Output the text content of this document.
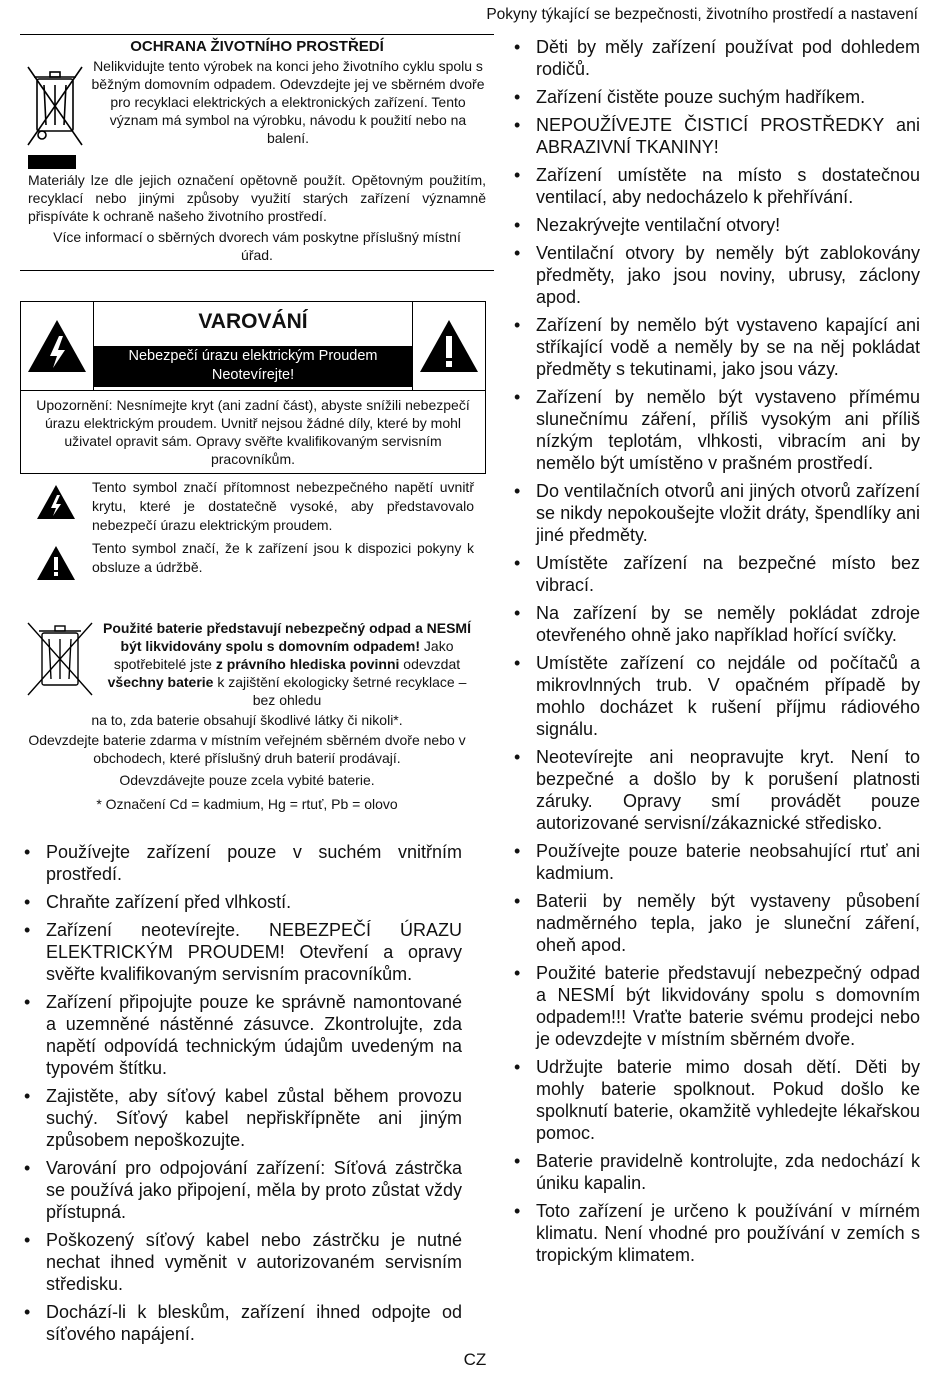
Pokyny týkající se bezpečnosti, životního prostředí a nastavení
OCHRANA ŽIVOTNÍHO PROSTŘEDÍ
Nelikvidujte tento výrobek na konci jeho životního cyklu spolu s běžným domovním odpadem. Odevzdejte jej ve sběrném dvoře pro recyklaci elektrických a elektronických zařízení. Tento význam má symbol na výrobku, návodu k použití nebo na balení.
Materiály lze dle jejich označení opětovně použít. Opětovným použitím, recyklací nebo jinými způsoby využití starých zařízení významně přispíváte k ochraně našeho životního prostředí.
Více informací o sběrných dvorech vám poskytne příslušný místní úřad.
VAROVÁNÍ
Nebezpečí úrazu elektrickým Proudem Neotevírejte!
Upozornění: Nesnímejte kryt (ani zadní část), abyste snížili nebezpečí úrazu elektrickým proudem. Uvnitř nejsou žádné díly, které by mohl uživatel opravit sám. Opravy svěřte kvalifikovaným servisním pracovníkům.
Tento symbol značí přítomnost nebezpečného napětí uvnitř krytu, které je dostatečně vysoké, aby představovalo nebezpečí úrazu elektrickým proudem.
Tento symbol značí, že k zařízení jsou k dispozici pokyny k obsluze a údržbě.
Použité baterie představují nebezpečný odpad a NESMÍ být likvidovány spolu s domovním odpadem! Jako spotřebitelé jste z právního hlediska povinni odevzdat všechny baterie k zajištění ekologicky šetrné recyklace – bez ohledu
na to, zda baterie obsahují škodlivé látky či nikoli*.
Odevzdejte baterie zdarma v místním veřejném sběrném dvoře nebo v obchodech, které příslušný druh baterií prodávají.
Odevzdávejte pouze zcela vybité baterie.
* Označení Cd = kadmium, Hg = rtuť, Pb = olovo
• Používejte zařízení pouze v suchém vnitřním prostředí.
• Chraňte zařízení před vlhkostí.
• Zařízení neotevírejte. NEBEZPEČÍ ÚRAZU ELEKTRICKÝM PROUDEM! Otevření a opravy svěřte kvalifikovaným servisním pracovníkům.
• Zařízení připojujte pouze ke správně namontované a uzemněné nástěnné zásuvce. Zkontrolujte, zda napětí odpovídá technickým údajům uvedeným na typovém štítku.
• Zajistěte, aby síťový kabel zůstal během provozu suchý. Síťový kabel nepřiskřípněte ani jiným způsobem nepoškozujte.
• Varování pro odpojování zařízení: Síťová zástrčka se používá jako připojení, měla by proto zůstat vždy přístupná.
• Poškozený síťový kabel nebo zástrčku je nutné nechat ihned vyměnit v autorizovaném servisním středisku.
• Dochází-li k bleskům, zařízení ihned odpojte od síťového napájení.
• Děti by měly zařízení používat pod dohledem rodičů.
• Zařízení čistěte pouze suchým hadříkem.
• NEPOUŽÍVEJTE ČISTICÍ PROSTŘEDKY ani ABRAZIVNÍ TKANINY!
• Zařízení umístěte na místo s dostatečnou ventilací, aby nedocházelo k přehřívání.
• Nezakrývejte ventilační otvory!
• Ventilační otvory by neměly být zablokovány předměty, jako jsou noviny, ubrusy, záclony apod.
• Zařízení by nemělo být vystaveno kapající ani stříkající vodě a neměly by se na něj pokládat předměty s tekutinami, jako jsou vázy.
• Zařízení by nemělo být vystaveno přímému slunečnímu záření, příliš vysokým ani příliš nízkým teplotám, vlhkosti, vibracím ani by nemělo být umístěno v prašném prostředí.
• Do ventilačních otvorů ani jiných otvorů zařízení se nikdy nepokoušejte vložit dráty, špendlíky ani jiné předměty.
• Umístěte zařízení na bezpečné místo bez vibrací.
• Na zařízení by se neměly pokládat zdroje otevřeného ohně jako například hořící svíčky.
• Umístěte zařízení co nejdále od počítačů a mikrovlnných trub. V opačném případě by mohlo docházet k rušení příjmu rádiového signálu.
• Neotevírejte ani neopravujte kryt. Není to bezpečné a došlo by k porušení platnosti záruky. Opravy smí provádět pouze autorizované servisní/zákaznické středisko.
• Používejte pouze baterie neobsahující rtuť ani kadmium.
• Baterii by neměly být vystaveny působení nadměrného tepla, jako je sluneční záření, oheň apod.
• Použité baterie představují nebezpečný odpad a NESMÍ být likvidovány spolu s domovním odpadem!!! Vraťte baterie svému prodejci nebo je odevzdejte v místním sběrném dvoře.
• Udržujte baterie mimo dosah dětí. Děti by mohly baterie spolknout. Pokud došlo ke spolknutí baterie, okamžitě vyhledejte lékařskou pomoc.
• Baterie pravidelně kontrolujte, zda nedochází k úniku kapalin.
• Toto zařízení je určeno k používání v mírném klimatu. Není vhodné pro používání v zemích s tropickým klimatem.
CZ
